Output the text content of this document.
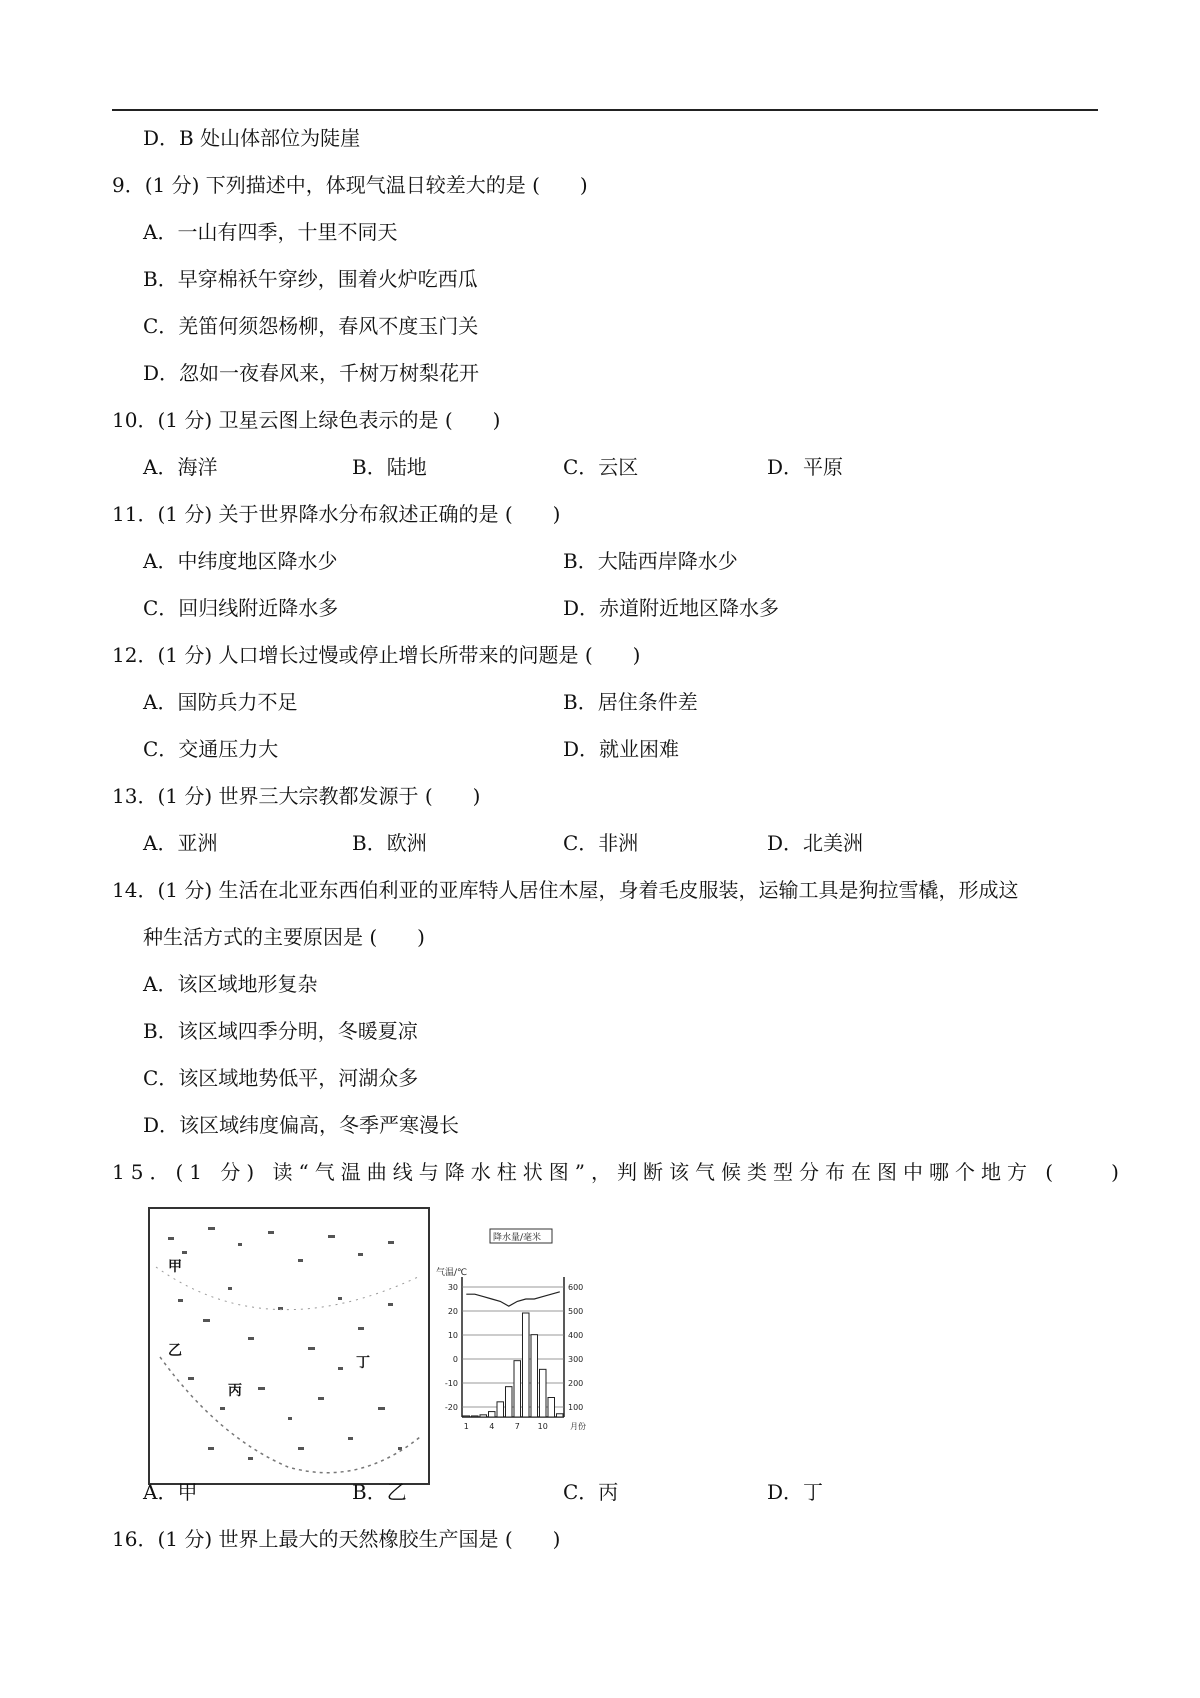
D．B 处山体部位为陡崖
9．(1 分) 下列描述中，体现气温日较差大的是 (　　)
A．一山有四季，十里不同天
B．早穿棉袄午穿纱，围着火炉吃西瓜
C．羌笛何须怨杨柳，春风不度玉门关
D．忽如一夜春风来，千树万树梨花开
10．(1 分) 卫星云图上绿色表示的是 (　　)
A．海洋	B．陆地	C．云区	D．平原
11．(1 分) 关于世界降水分布叙述正确的是 (　　)
A．中纬度地区降水少	B．大陆西岸降水少
C．回归线附近降水多	D．赤道附近地区降水多
12．(1 分) 人口增长过慢或停止增长所带来的问题是 (　　)
A．国防兵力不足	B．居住条件差
C．交通压力大	D．就业困难
13．(1 分) 世界三大宗教都发源于 (　　)
A．亚洲	B．欧洲	C．非洲	D．北美洲
14．(1 分) 生活在北亚东西伯利亚的亚库特人居住木屋，身着毛皮服装，运输工具是狗拉雪橇，形成这
种生活方式的主要原因是 (　　)
A．该区域地形复杂
B．该区域四季分明，冬暖夏凉
C．该区域地势低平，河湖众多
D．该区域纬度偏高，冬季严寒漫长
15．(1 分) 读“气温曲线与降水柱状图”，判断该气候类型分布在图中哪个地方 (　　)
甲
乙
丙
丁
气温/℃
降水量/毫米
30
20
10
0
-10
-20
600
500
400
300
200
100
1	4	7 10	月份
A．甲	B．乙	C．丙	D．丁
16．(1 分) 世界上最大的天然橡胶生产国是 (　　)
